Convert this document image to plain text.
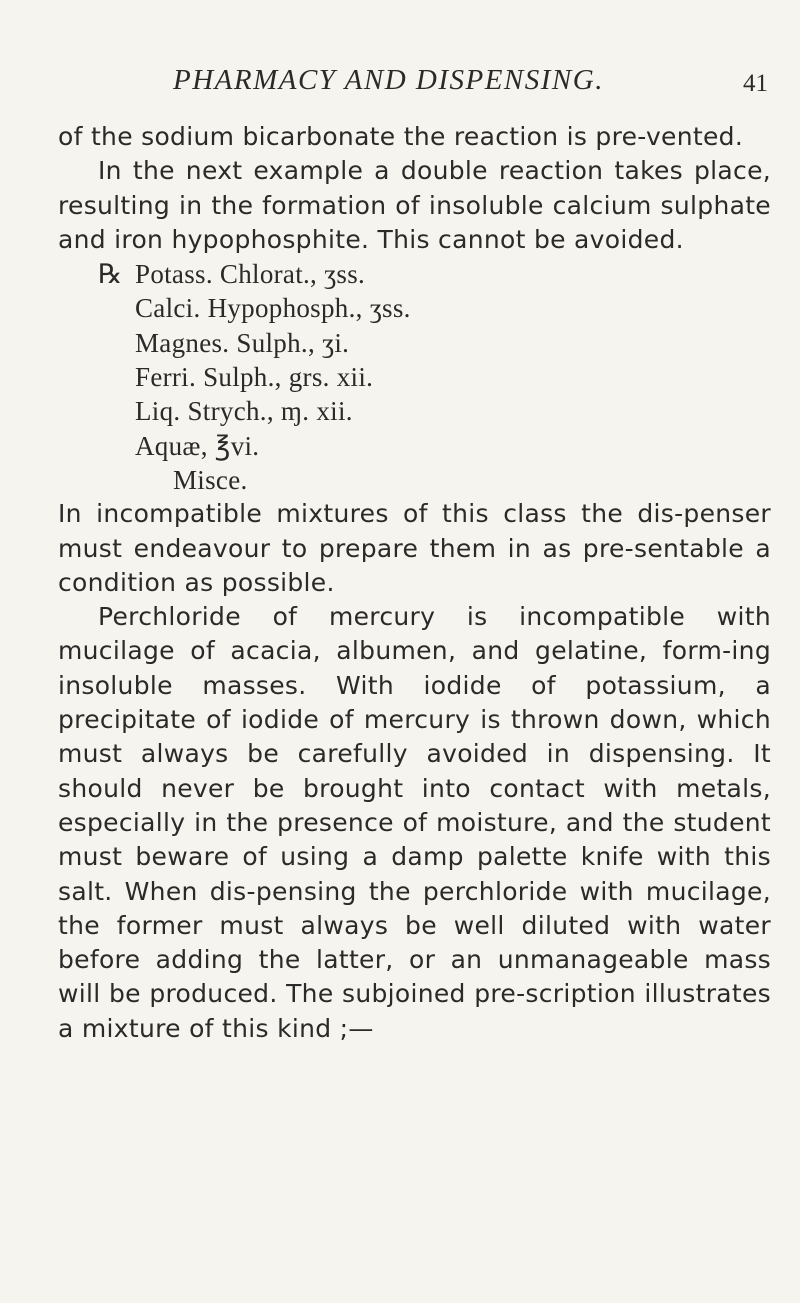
PHARMACY AND DISPENSING.	41

of the sodium bicarbonate the reaction is pre-vented.

In the next example a double reaction takes place, resulting in the formation of insoluble calcium sulphate and iron hypophosphite. This cannot be avoided.

℞ Potass. Chlorat., ʒss.
Calci. Hypophosph., ʒss.
Magnes. Sulph., ʒi.
Ferri. Sulph., grs. xii.
Liq. Strych., ɱ. xii.
Aquæ, ℥vi.
Misce.

In incompatible mixtures of this class the dis-penser must endeavour to prepare them in as pre-sentable a condition as possible.

Perchloride of mercury is incompatible with mucilage of acacia, albumen, and gelatine, form-ing insoluble masses. With iodide of potassium, a precipitate of iodide of mercury is thrown down, which must always be carefully avoided in dispensing. It should never be brought into contact with metals, especially in the presence of moisture, and the student must beware of using a damp palette knife with this salt. When dis-pensing the perchloride with mucilage, the former must always be well diluted with water before adding the latter, or an unmanageable mass will be produced. The subjoined pre-scription illustrates a mixture of this kind ;—
